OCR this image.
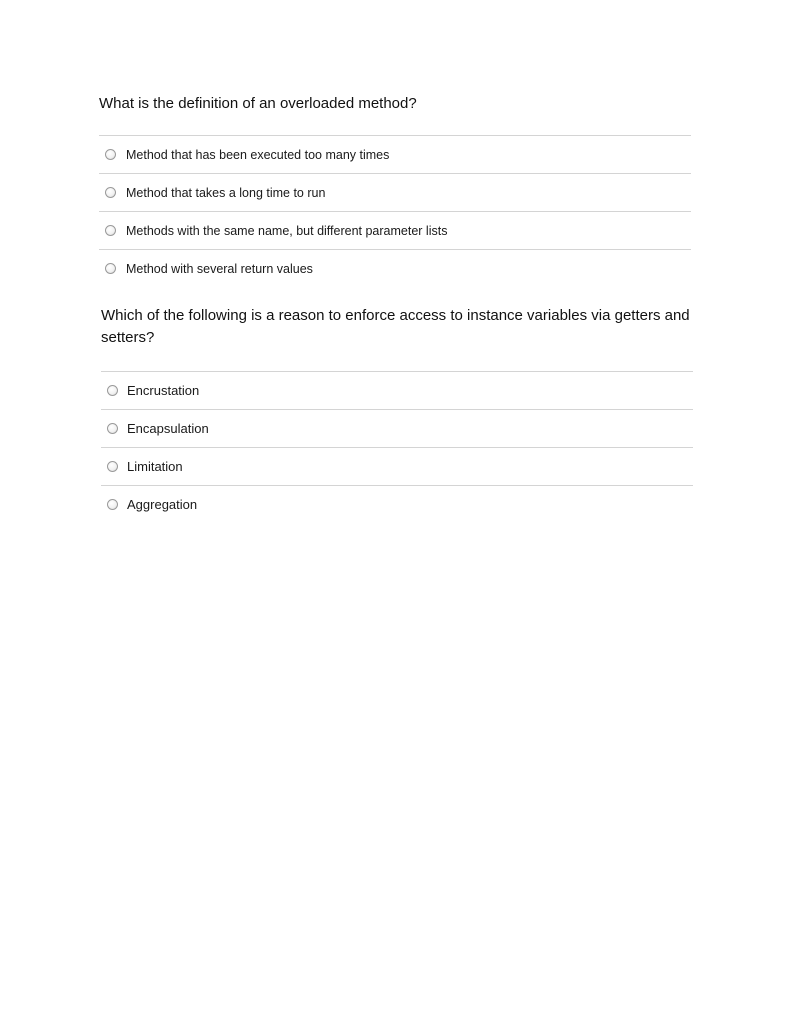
What is the definition of an overloaded method?

Method that has been executed too many times
Method that takes a long time to run
Methods with the same name, but different parameter lists
Method with several return values

Which of the following is a reason to enforce access to instance variables via getters and setters?

Encrustation
Encapsulation
Limitation
Aggregation
